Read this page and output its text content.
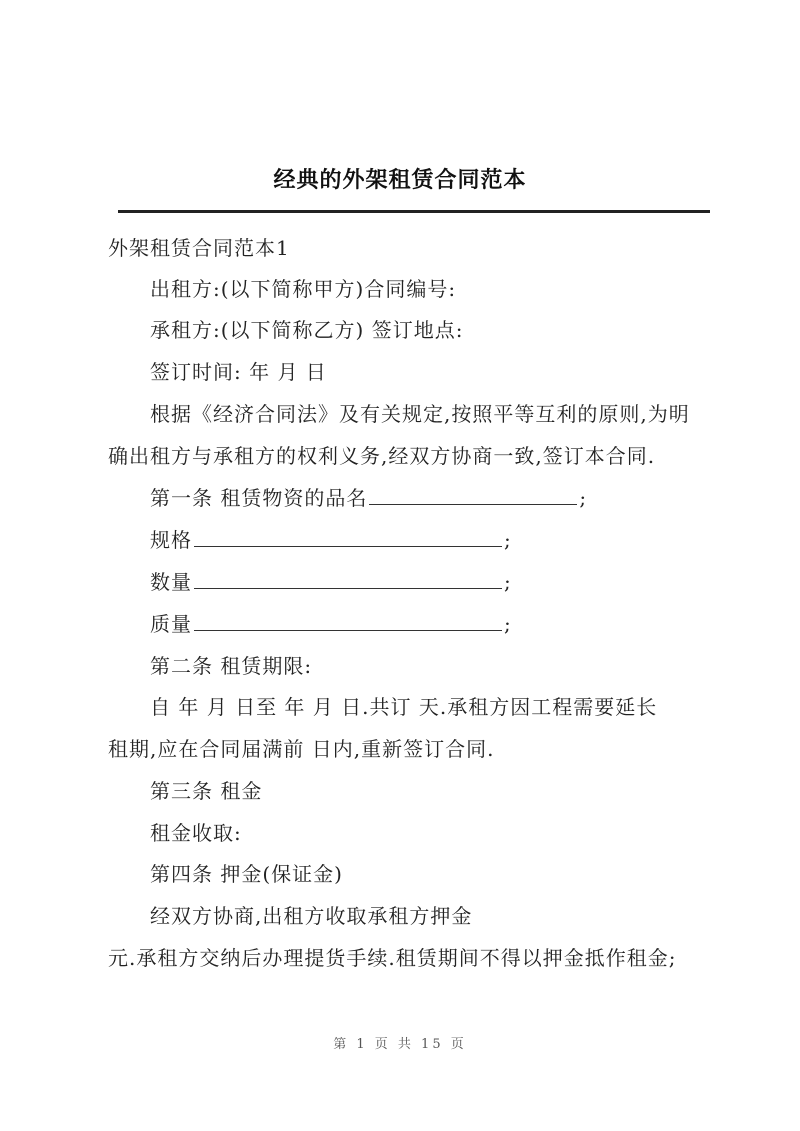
经典的外架租赁合同范本
外架租赁合同范本1
出租方:(以下简称甲方)合同编号:
承租方:(以下简称乙方) 签订地点:
签订时间: 年 月 日
根据《经济合同法》及有关规定,按照平等互利的原则,为明
确出租方与承租方的权利义务,经双方协商一致,签订本合同.
第一条 租赁物资的品名	;
规格	;
数量	;
质量	;
第二条 租赁期限:
自 年 月 日至 年 月 日.共订 天.承租方因工程需要延长
租期,应在合同届满前 日内,重新签订合同.
第三条 租金
租金收取:
第四条 押金(保证金)
经双方协商,出租方收取承租方押金
元.承租方交纳后办理提货手续.租赁期间不得以押金抵作租金;
第 1 页 共 15 页
